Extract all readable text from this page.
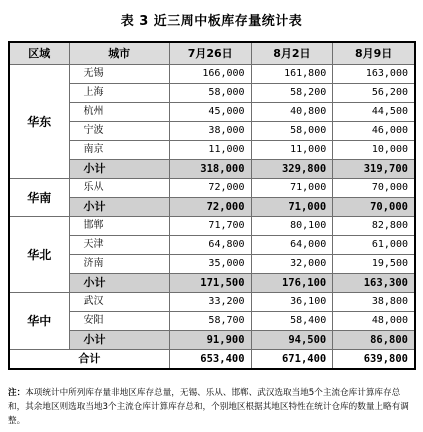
表 3 近三周中板库存量统计表
区域	城市	7月26日	8月2日	8月9日
华东	无锡	166,000	161,800	163,000
	上海	58,000	58,200	56,200
	杭州	45,000	40,800	44,500
	宁波	38,000	58,000	46,000
	南京	11,000	11,000	10,000
	小计	318,000	329,800	319,700
华南	乐从	72,000	71,000	70,000
	小计	72,000	71,000	70,000
华北	邯郸	71,700	80,100	82,800
	天津	64,800	64,000	61,000
	济南	35,000	32,000	19,500
	小计	171,500	176,100	163,300
华中	武汉	33,200	36,100	38,800
	安阳	58,700	58,400	48,000
	小计	91,900	94,500	86,800
合计		653,400	671,400	639,800
注：本项统计中所列库存量非地区库存总量，无锡、乐从、邯郸、武汉选取当地5个主流仓库计算库存总和，其余地区则选取当地3个主流仓库计算库存总和，个别地区根据其地区特性在统计仓库的数量上略有调整。
